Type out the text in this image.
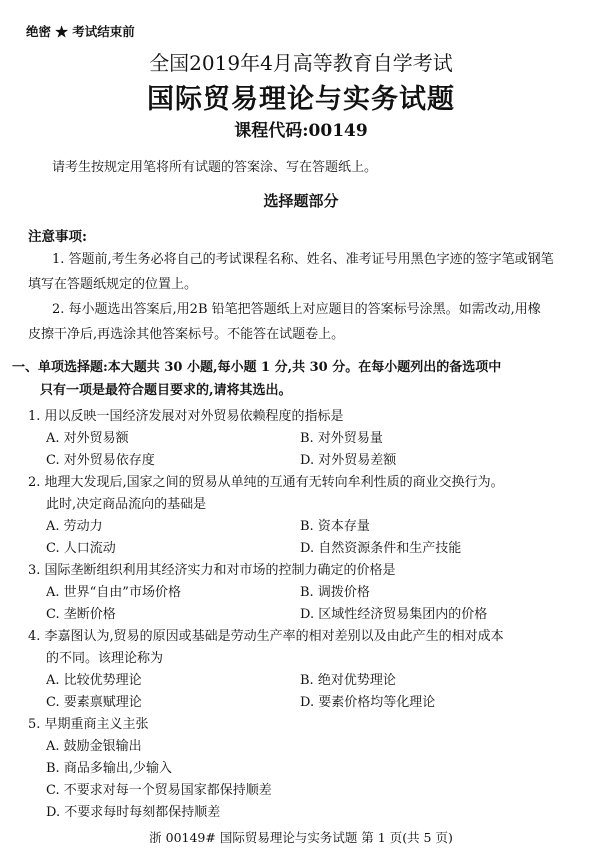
绝密 ★ 考试结束前
全国2019年4月高等教育自学考试
国际贸易理论与实务试题
课程代码:00149
请考生按规定用笔将所有试题的答案涂、写在答题纸上。
选择题部分
注意事项:
1. 答题前,考生务必将自己的考试课程名称、姓名、准考证号用黑色字迹的签字笔或钢笔
填写在答题纸规定的位置上。
2. 每小题选出答案后,用2B 铅笔把答题纸上对应题目的答案标号涂黑。如需改动,用橡
皮擦干净后,再选涂其他答案标号。不能答在试题卷上。
一、单项选择题:本大题共 30 小题,每小题 1 分,共 30 分。在每小题列出的备选项中
只有一项是最符合题目要求的,请将其选出。
1. 用以反映一国经济发展对对外贸易依赖程度的指标是
A. 对外贸易额	B. 对外贸易量
C. 对外贸易依存度	D. 对外贸易差额
2. 地理大发现后,国家之间的贸易从单纯的互通有无转向牟利性质的商业交换行为。
此时,决定商品流向的基础是
A. 劳动力	B. 资本存量
C. 人口流动	D. 自然资源条件和生产技能
3. 国际垄断组织利用其经济实力和对市场的控制力确定的价格是
A. 世界“自由”市场价格	B. 调拨价格
C. 垄断价格	D. 区域性经济贸易集团内的价格
4. 李嘉图认为,贸易的原因或基础是劳动生产率的相对差别以及由此产生的相对成本
的不同。该理论称为
A. 比较优势理论	B. 绝对优势理论
C. 要素禀赋理论	D. 要素价格均等化理论
5. 早期重商主义主张
A. 鼓励金银输出
B. 商品多输出,少输入
C. 不要求对每一个贸易国家都保持顺差
D. 不要求每时每刻都保持顺差
浙 00149# 国际贸易理论与实务试题 第 1 页(共 5 页)
